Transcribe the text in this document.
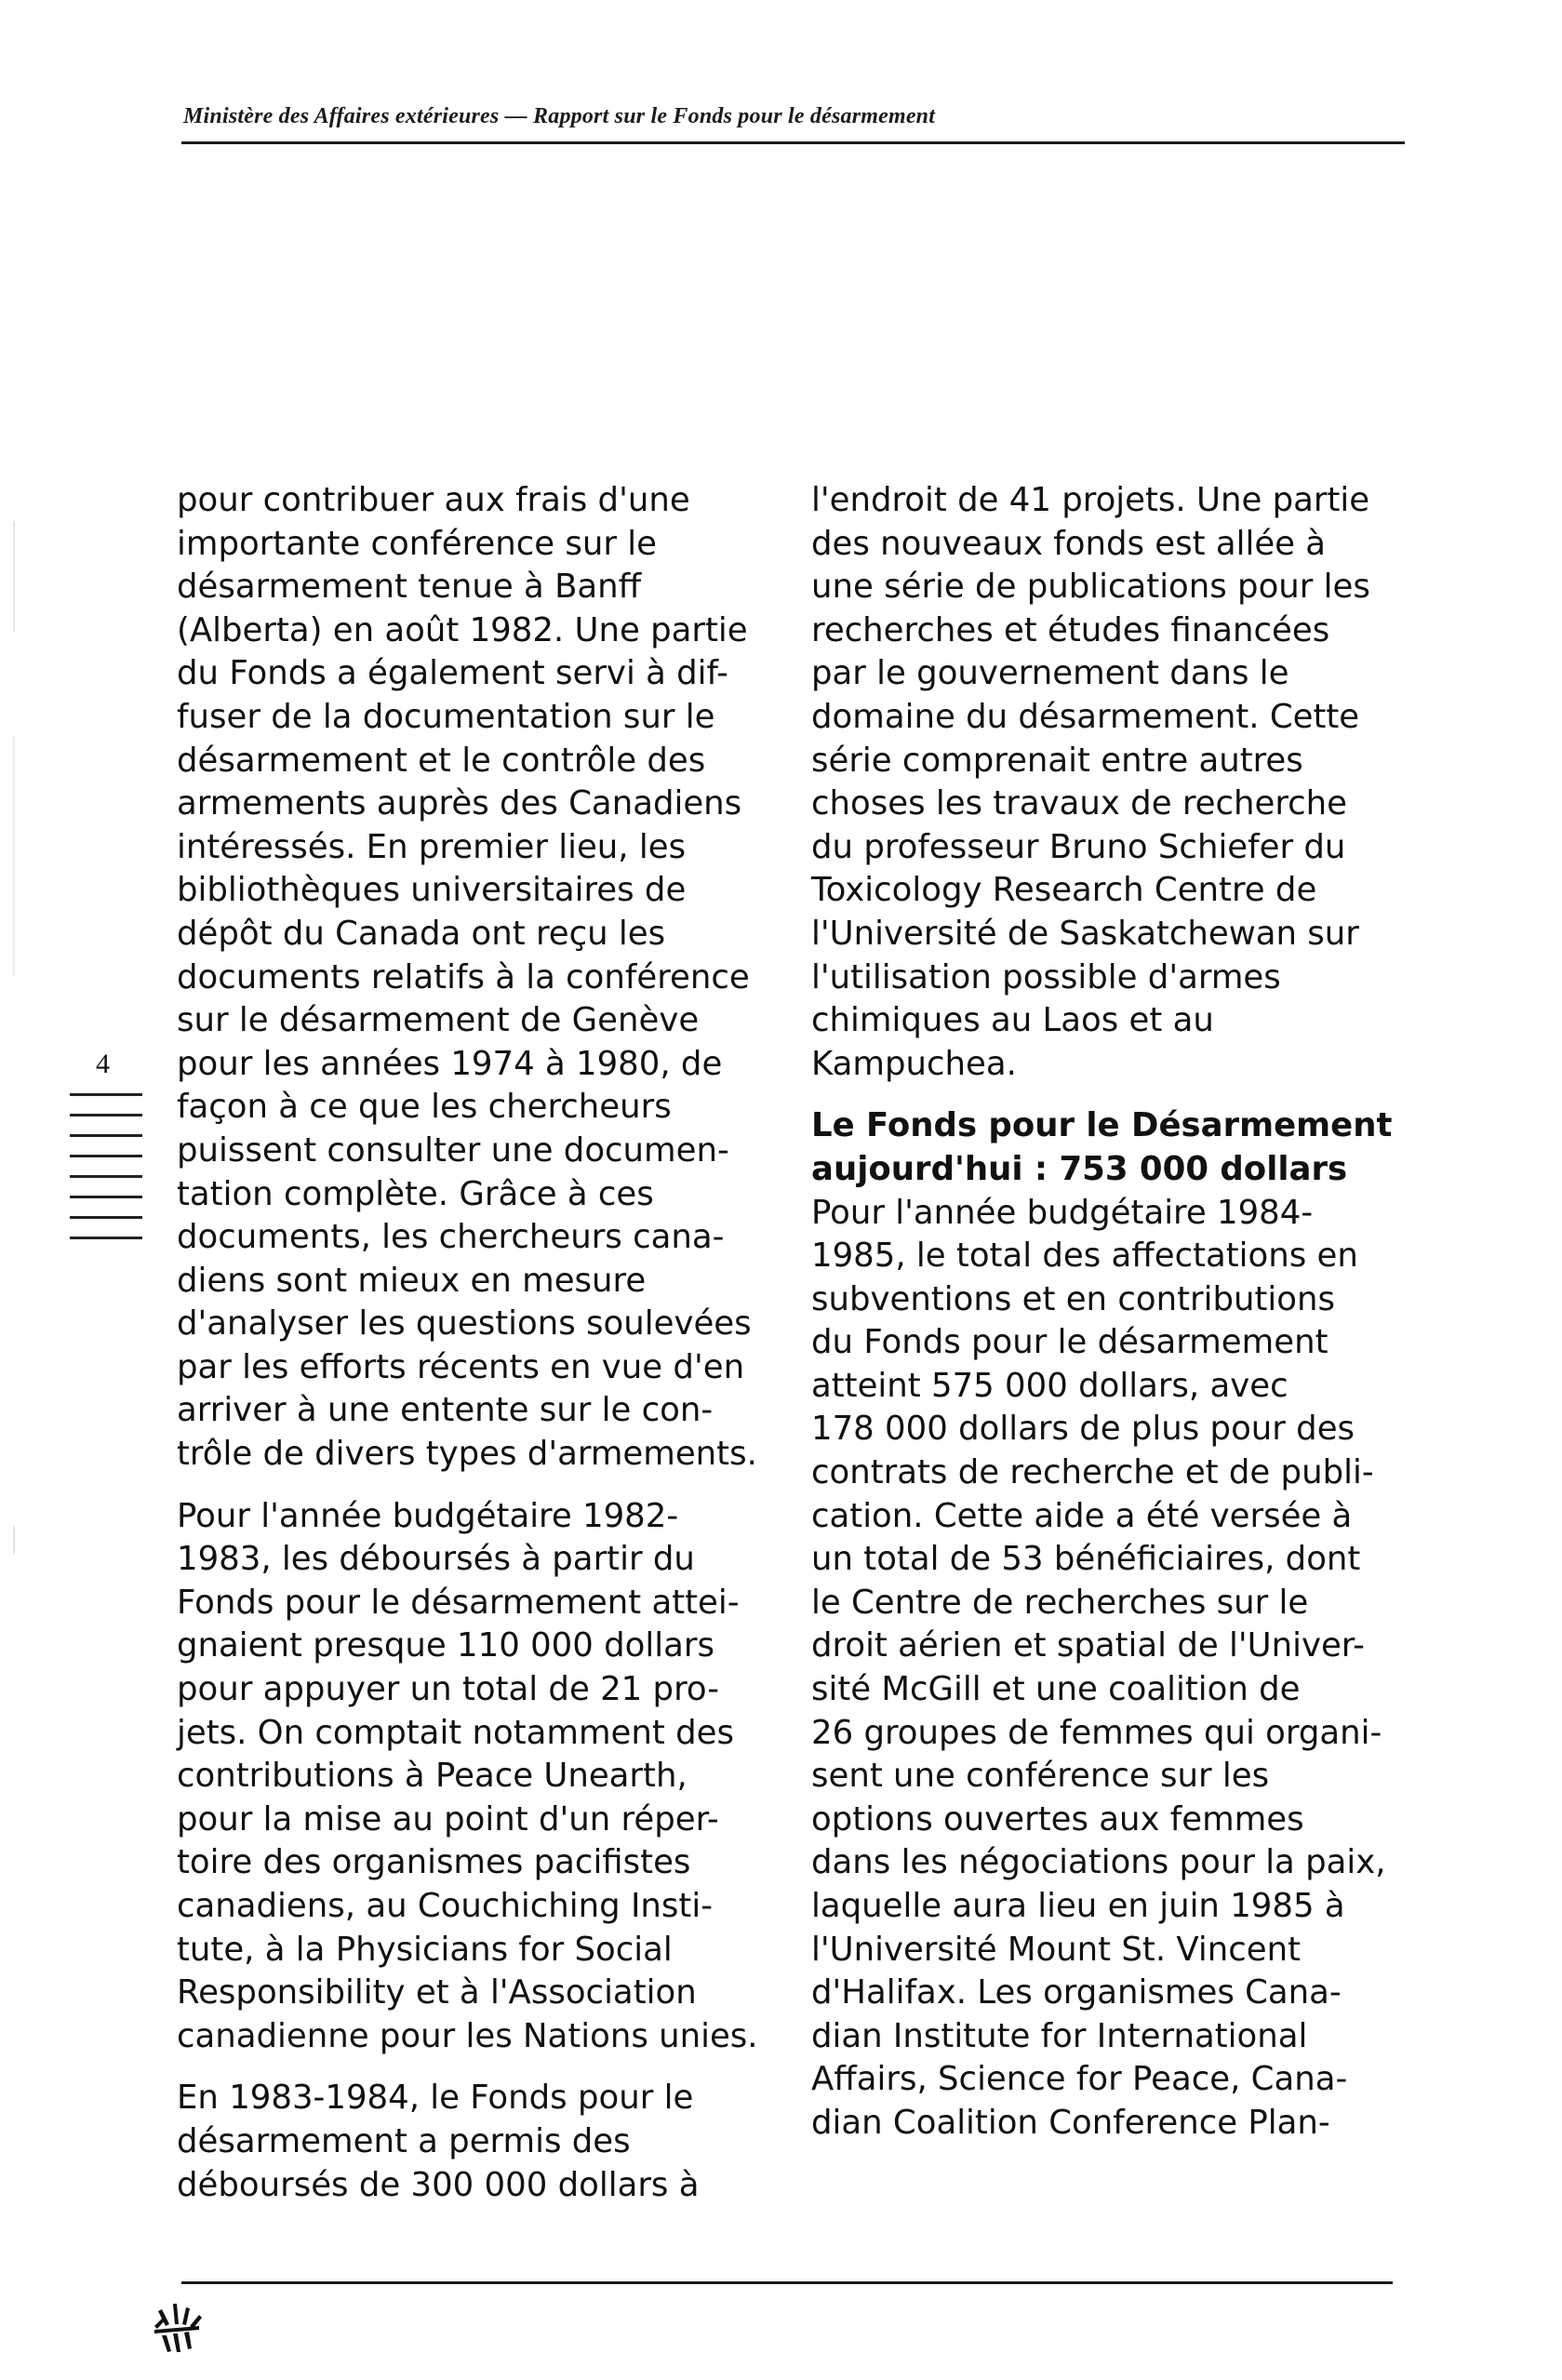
Ministère des Affaires extérieures — Rapport sur le Fonds pour le désarmement
4
pour contribuer aux frais d'une
importante conférence sur le
désarmement tenue à Banff
(Alberta) en août 1982. Une partie
du Fonds a également servi à dif-
fuser de la documentation sur le
désarmement et le contrôle des
armements auprès des Canadiens
intéressés. En premier lieu, les
bibliothèques universitaires de
dépôt du Canada ont reçu les
documents relatifs à la conférence
sur le désarmement de Genève
pour les années 1974 à 1980, de
façon à ce que les chercheurs
puissent consulter une documen-
tation complète. Grâce à ces
documents, les chercheurs cana-
diens sont mieux en mesure
d'analyser les questions soulevées
par les efforts récents en vue d'en
arriver à une entente sur le con-
trôle de divers types d'armements.
Pour l'année budgétaire 1982-
1983, les déboursés à partir du
Fonds pour le désarmement attei-
gnaient presque 110 000 dollars
pour appuyer un total de 21 pro-
jets. On comptait notamment des
contributions à Peace Unearth,
pour la mise au point d'un réper-
toire des organismes pacifistes
canadiens, au Couchiching Insti-
tute, à la Physicians for Social
Responsibility et à l'Association
canadienne pour les Nations unies.
En 1983-1984, le Fonds pour le
désarmement a permis des
déboursés de 300 000 dollars à
l'endroit de 41 projets. Une partie
des nouveaux fonds est allée à
une série de publications pour les
recherches et études financées
par le gouvernement dans le
domaine du désarmement. Cette
série comprenait entre autres
choses les travaux de recherche
du professeur Bruno Schiefer du
Toxicology Research Centre de
l'Université de Saskatchewan sur
l'utilisation possible d'armes
chimiques au Laos et au
Kampuchea.
Le Fonds pour le Désarmement
aujourd'hui : 753 000 dollars
Pour l'année budgétaire 1984-
1985, le total des affectations en
subventions et en contributions
du Fonds pour le désarmement
atteint 575 000 dollars, avec
178 000 dollars de plus pour des
contrats de recherche et de publi-
cation. Cette aide a été versée à
un total de 53 bénéficiaires, dont
le Centre de recherches sur le
droit aérien et spatial de l'Univer-
sité McGill et une coalition de
26 groupes de femmes qui organi-
sent une conférence sur les
options ouvertes aux femmes
dans les négociations pour la paix,
laquelle aura lieu en juin 1985 à
l'Université Mount St. Vincent
d'Halifax. Les organismes Cana-
dian Institute for International
Affairs, Science for Peace, Cana-
dian Coalition Conference Plan-
